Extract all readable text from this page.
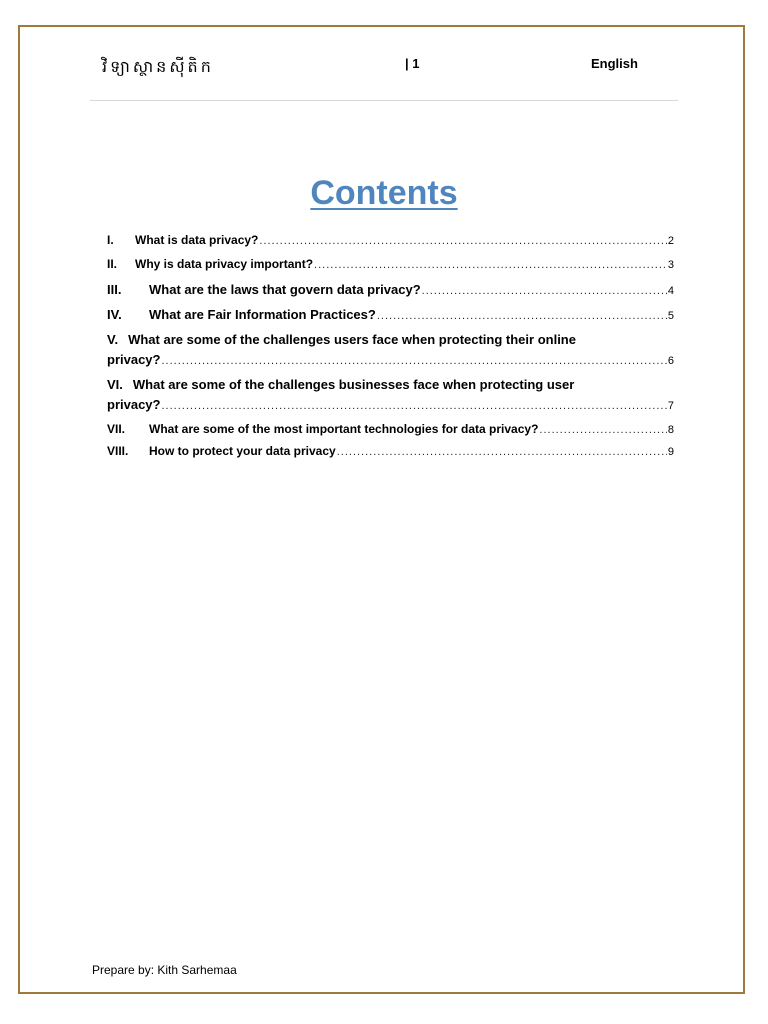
វិទ្យាស្ថានស៊ីតិក	| 1	English
Contents
I.	What is data privacy? .....	2
II.	Why is data privacy important? .....	3
III.	What are the laws that govern data privacy? .....	4
IV.	What are Fair Information Practices? .....	5
V. What are some of the challenges users face when protecting their online
privacy? .....	6
VI. What are some of the challenges businesses face when protecting user
privacy? .....	7
VII.	What are some of the most important technologies for data privacy? .....	8
VIII.	How to protect your data privacy .....	9
Prepare by: Kith Sarhemaa
